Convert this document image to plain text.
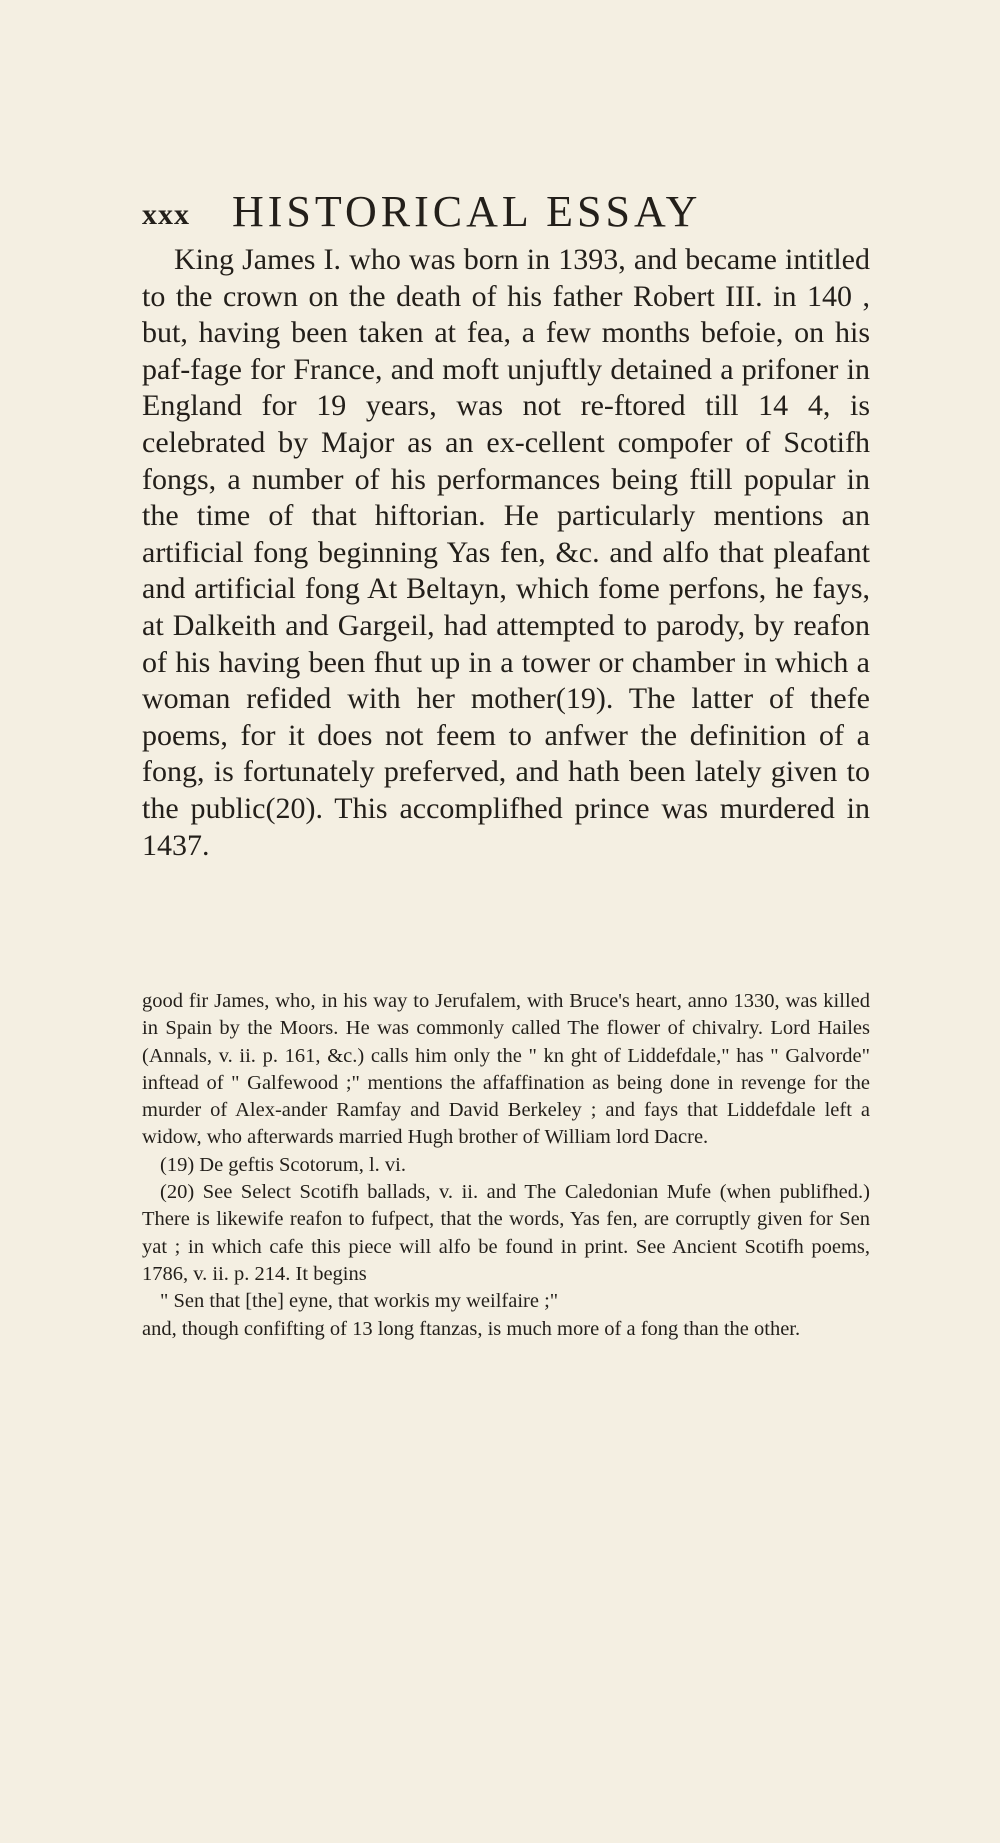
xxx HISTORICAL ESSAY

King James I. who was born in 1393, and became intitled to the crown on the death of his father Robert III. in 140 , but, having been taken at fea, a few months befoie, on his paf-fage for France, and moft unjuftly detained a prifoner in England for 19 years, was not re-ftored till 14 4, is celebrated by Major as an ex-cellent compofer of Scotifh fongs, a number of his performances being ftill popular in the time of that hiftorian. He particularly mentions an artificial fong beginning Yas fen, &c. and alfo that pleafant and artificial fong At Beltayn, which fome perfons, he fays, at Dalkeith and Gargeil, had attempted to parody, by reafon of his having been fhut up in a tower or chamber in which a woman refided with her mother(19). The latter of thefe poems, for it does not feem to anfwer the definition of a fong, is fortunately preferved, and hath been lately given to the public(20). This accomplifhed prince was murdered in 1437.

good fir James, who, in his way to Jerufalem, with Bruce's heart, anno 1330, was killed in Spain by the Moors. He was commonly called The flower of chivalry. Lord Hailes (Annals, v. ii. p. 161, &c.) calls him only the " kn ght of Liddefdale," has " Galvorde" inftead of " Galfewood ;" mentions the affaffination as being done in revenge for the murder of Alex-ander Ramfay and David Berkeley ; and fays that Liddefdale left a widow, who afterwards married Hugh brother of William lord Dacre.

(19) De geftis Scotorum, l. vi.

(20) See Select Scotifh ballads, v. ii. and The Caledonian Mufe (when publifhed.) There is likewife reafon to fufpect, that the words, Yas fen, are corruptly given for Sen yat ; in which cafe this piece will alfo be found in print. See Ancient Scotifh poems, 1786, v. ii. p. 214. It begins

" Sen that [the] eyne, that workis my weilfaire ;"

and, though confifting of 13 long ftanzas, is much more of a fong than the other.
